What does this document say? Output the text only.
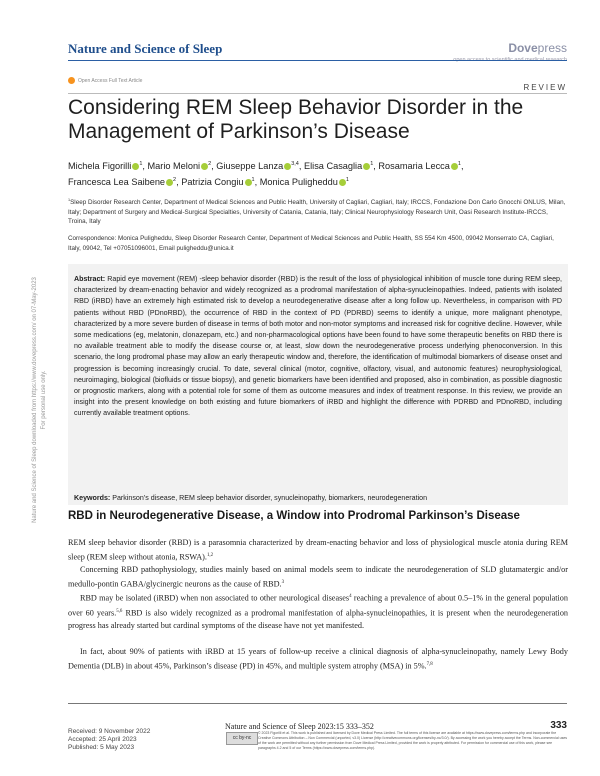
Nature and Science of Sleep	Dovepress
Open Access Full Text Article
REVIEW
Considering REM Sleep Behavior Disorder in the Management of Parkinson’s Disease
Michela Figorilli $^1$, Mario Meloni $^2$, Giuseppe Lanza $^{3,4}$, Elisa Casaglia $^1$, Rosamaria Lecca $^1$,
Francesca Lea Saibene $^2$, Patrizia Congiu $^1$, Monica Puligheddu $^1$
$^1$Sleep Disorder Research Center, Department of Medical Sciences and Public Health, University of Cagliari, Cagliari, Italy; IRCCS, Fondazione Don Carlo Gnocchi ONLUS, Milan, Italy; Department of Surgery and Medical-Surgical Specialties, University of Catania, Catania, Italy; Clinical Neurophysiology Research Unit, Oasi Research Institute-IRCCS, Troina, Italy
Correspondence: Monica Puligheddu, Sleep Disorder Research Center, Department of Medical Sciences and Public Health, SS 554 Km 4500, 09042 Monserrato CA, Cagliari, Italy, 09042, Tel +07051096001, Email puligheddu@unica.it
Abstract: Rapid eye movement (REM) -sleep behavior disorder (RBD) is the result of the loss of physiological inhibition of muscle tone during REM sleep, characterized by dream-enacting behavior and widely recognized as a prodromal manifestation of alpha-synucleinopathies. Indeed, patients with isolated RBD (iRBD) have an extremely high estimated risk to develop a neurodegenerative disease after a long follow up. Nevertheless, in comparison with PD patients without RBD (PDnoRBD), the occurrence of RBD in the context of PD (PDRBD) seems to identify a unique, more malignant phenotype, characterized by a more severe burden of disease in terms of both motor and non-motor symptoms and increased risk for cognitive decline. However, while some medications (eg, melatonin, clonazepam, etc.) and non-pharmacological options have been found to have some therapeutic benefits on RBD there is no available treatment able to modify the disease course or, at least, slow down the neurodegenerative process underlying phenoconversion. In this scenario, the long prodromal phase may allow an early therapeutic window and, therefore, the identification of multimodal biomarkers of disease onset and progression is becoming increasingly crucial. To date, several clinical (motor, cognitive, olfactory, visual, and autonomic features) neurophysiological, neuroimaging, biological (biofluids or tissue biopsy), and genetic biomarkers have been identified and proposed, also in combination, as possible diagnostic or prognostic markers, along with a potential role for some of them as outcome measures and index of treatment response. In this review, we provide an insight into the present knowledge on both existing and future biomarkers of iRBD and highlight the difference with PDRBD and PDnoRBD, including currently available treatment options.
Keywords: Parkinson’s disease, REM sleep behavior disorder, synucleinopathy, biomarkers, neurodegeneration
RBD in Neurodegenerative Disease, a Window into Prodromal Parkinson’s Disease
REM sleep behavior disorder (RBD) is a parasomnia characterized by dream-enacting behavior and loss of physiological muscle atonia during REM sleep (REM sleep without atonia, RSWA).$^{1,2}$
Concerning RBD pathophysiology, studies mainly based on animal models seem to indicate the neurodegeneration of SLD glutamatergic and/or medullo-pontin GABA/glycinergic neurons as the cause of RBD.$^3$
RBD may be isolated (iRBD) when non associated to other neurological diseases$^4$ reaching a prevalence of about 0.5–1% in the general population over 60 years.$^{5,6}$ RBD is also widely recognized as a prodromal manifestation of alpha-synucleinopathies, it is present when the neurodegeneration progress has already started but cardinal symptoms of the disease have not yet manifested.
In fact, about 90% of patients with iRBD at 15 years of follow-up receive a clinical diagnosis of alpha-synucleinopathy, namely Lewy Body Dementia (DLB) in about 45%, Parkinson’s disease (PD) in 45%, and multiple system atrophy (MSA) in 5%.$^{7,8}$
Nature and Science of Sleep downloaded from https://www.dovepress.com/ on 07-May-2023 For personal use only.
Received: 9 November 2022
Accepted: 25 April 2023
Published: 5 May 2023
Nature and Science of Sleep 2023:15 333–352	333
cc by-nc
© 2023 Figorilli et al. This work is published and licensed by Dove Medical Press Limited. The full terms of this license are available at https://www.dovepress.com/terms.php and incorporate the Creative Commons Attribution – Non Commercial (unported, v3.0) License (http://creativecommons.org/licenses/by-nc/3.0/). By accessing the work you hereby accept the Terms. Non-commercial uses of the work are permitted without any further permission from Dove Medical Press Limited, provided the work is properly attributed. For permission for commercial use of this work, please see paragraphs 4.2 and 5 of our Terms (https://www.dovepress.com/terms.php).
